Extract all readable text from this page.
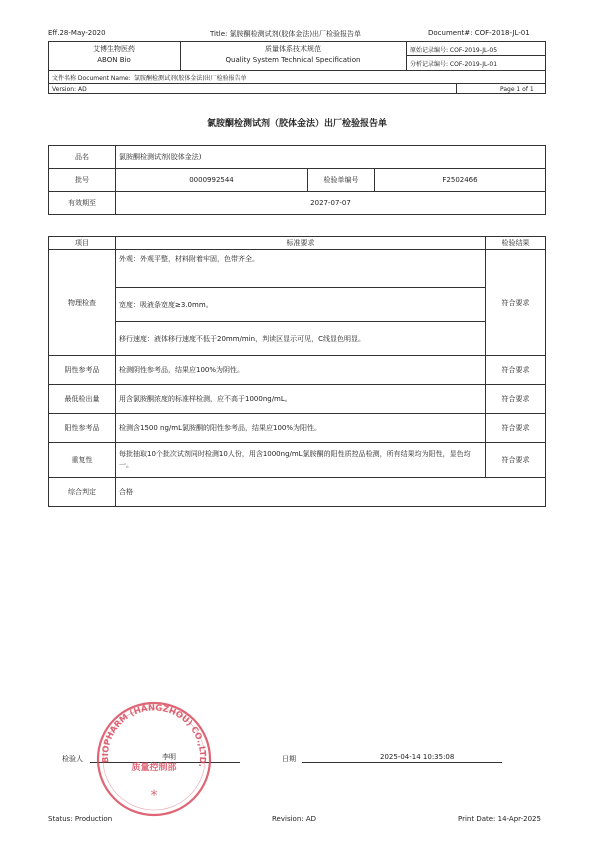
Eff.28-May-2020	Title: 氯胺酮检测试剂(胶体金法)出厂检验报告单	Document#: COF-2018-JL-01
艾博生物医药
ABON Bio
质量体系技术规范
Quality System Technical Specification
原始记录编号: COF-2019-JL-05
分析记录编号: COF-2019-JL-01
文件名称 Document Name: 氯胺酮检测试剂(胶体金法)出厂检验报告单
Version: AD	Page 1 of 1
氯胺酮检测试剂（胶体金法）出厂检验报告单
品名	氯胺酮检测试剂(胶体金法)		
批号	0000992544	检验单编号	F2502466
有效期至	2027-07-07		
项目	标准要求	检验结果
物理检查	外观：外观平整，材料附着牢固，色带齐全。	符合要求
	宽度：吸液条宽度≥3.0mm。	
	移行速度：液体移行速度不低于20mm/min，判读区显示可见，C线显色明显。	
阴性参考品	检测阴性参考品，结果应100%为阴性。	符合要求
最低检出量	用含氯胺酮浓度的标准样检测，应不高于1000ng/mL。	符合要求
阳性参考品	检测含1500 ng/mL氯胺酮的阳性参考品，结果应100%为阳性。	符合要求
重复性	每批抽取10个批次试剂同时检测10人份，用含1000ng/mL氯胺酮的阳性质控品检测，所有结果均为阳性，显色均一。	符合要求
综合判定	合格	
检验人	李明	日期	2025-04-14 10:35:08
BIOPHARM (HANGZHOU) CO.,LTD.
质量控制部
*
Status: Production	Revision: AD	Print Date: 14-Apr-2025
